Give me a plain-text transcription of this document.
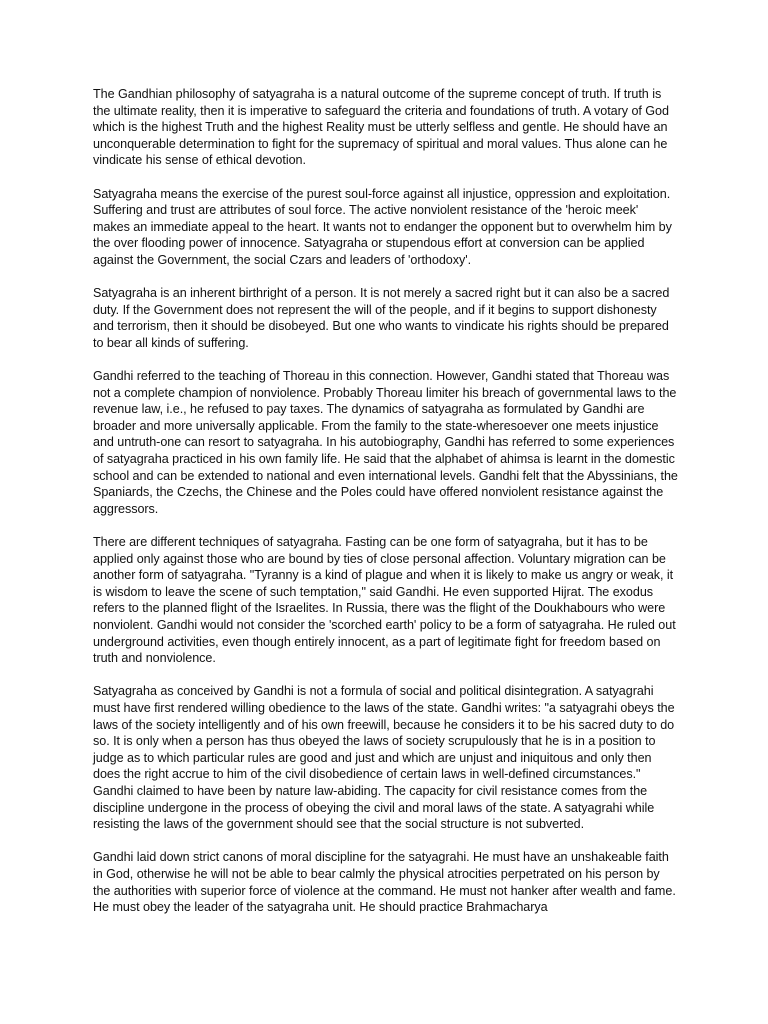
The Gandhian philosophy of satyagraha is a natural outcome of the supreme concept of truth. If truth is the ultimate reality, then it is imperative to safeguard the criteria and foundations of truth. A votary of God which is the highest Truth and the highest Reality must be utterly selfless and gentle. He should have an unconquerable determination to fight for the supremacy of spiritual and moral values. Thus alone can he vindicate his sense of ethical devotion.

Satyagraha means the exercise of the purest soul-force against all injustice, oppression and exploitation. Suffering and trust are attributes of soul force. The active nonviolent resistance of the 'heroic meek' makes an immediate appeal to the heart. It wants not to endanger the opponent but to overwhelm him by the over flooding power of innocence. Satyagraha or stupendous effort at conversion can be applied against the Government, the social Czars and leaders of 'orthodoxy'.

Satyagraha is an inherent birthright of a person. It is not merely a sacred right but it can also be a sacred duty. If the Government does not represent the will of the people, and if it begins to support dishonesty and terrorism, then it should be disobeyed. But one who wants to vindicate his rights should be prepared to bear all kinds of suffering.

Gandhi referred to the teaching of Thoreau in this connection. However, Gandhi stated that Thoreau was not a complete champion of nonviolence. Probably Thoreau limiter his breach of governmental laws to the revenue law, i.e., he refused to pay taxes. The dynamics of satyagraha as formulated by Gandhi are broader and more universally applicable. From the family to the state-wheresoever one meets injustice and untruth-one can resort to satyagraha. In his autobiography, Gandhi has referred to some experiences of satyagraha practiced in his own family life. He said that the alphabet of ahimsa is learnt in the domestic school and can be extended to national and even international levels. Gandhi felt that the Abyssinians, the Spaniards, the Czechs, the Chinese and the Poles could have offered nonviolent resistance against the aggressors.

There are different techniques of satyagraha. Fasting can be one form of satyagraha, but it has to be applied only against those who are bound by ties of close personal affection. Voluntary migration can be another form of satyagraha. "Tyranny is a kind of plague and when it is likely to make us angry or weak, it is wisdom to leave the scene of such temptation," said Gandhi. He even supported Hijrat. The exodus refers to the planned flight of the Israelites. In Russia, there was the flight of the Doukhabours who were nonviolent. Gandhi would not consider the 'scorched earth' policy to be a form of satyagraha. He ruled out underground activities, even though entirely innocent, as a part of legitimate fight for freedom based on truth and nonviolence.

Satyagraha as conceived by Gandhi is not a formula of social and political disintegration. A satyagrahi must have first rendered willing obedience to the laws of the state. Gandhi writes: "a satyagrahi obeys the laws of the society intelligently and of his own freewill, because he considers it to be his sacred duty to do so. It is only when a person has thus obeyed the laws of society scrupulously that he is in a position to judge as to which particular rules are good and just and which are unjust and iniquitous and only then does the right accrue to him of the civil disobedience of certain laws in well-defined circumstances." Gandhi claimed to have been by nature law-abiding. The capacity for civil resistance comes from the discipline undergone in the process of obeying the civil and moral laws of the state. A satyagrahi while resisting the laws of the government should see that the social structure is not subverted.

Gandhi laid down strict canons of moral discipline for the satyagrahi. He must have an unshakeable faith in God, otherwise he will not be able to bear calmly the physical atrocities perpetrated on his person by the authorities with superior force of violence at the command. He must not hanker after wealth and fame. He must obey the leader of the satyagraha unit. He should practice Brahmacharya
